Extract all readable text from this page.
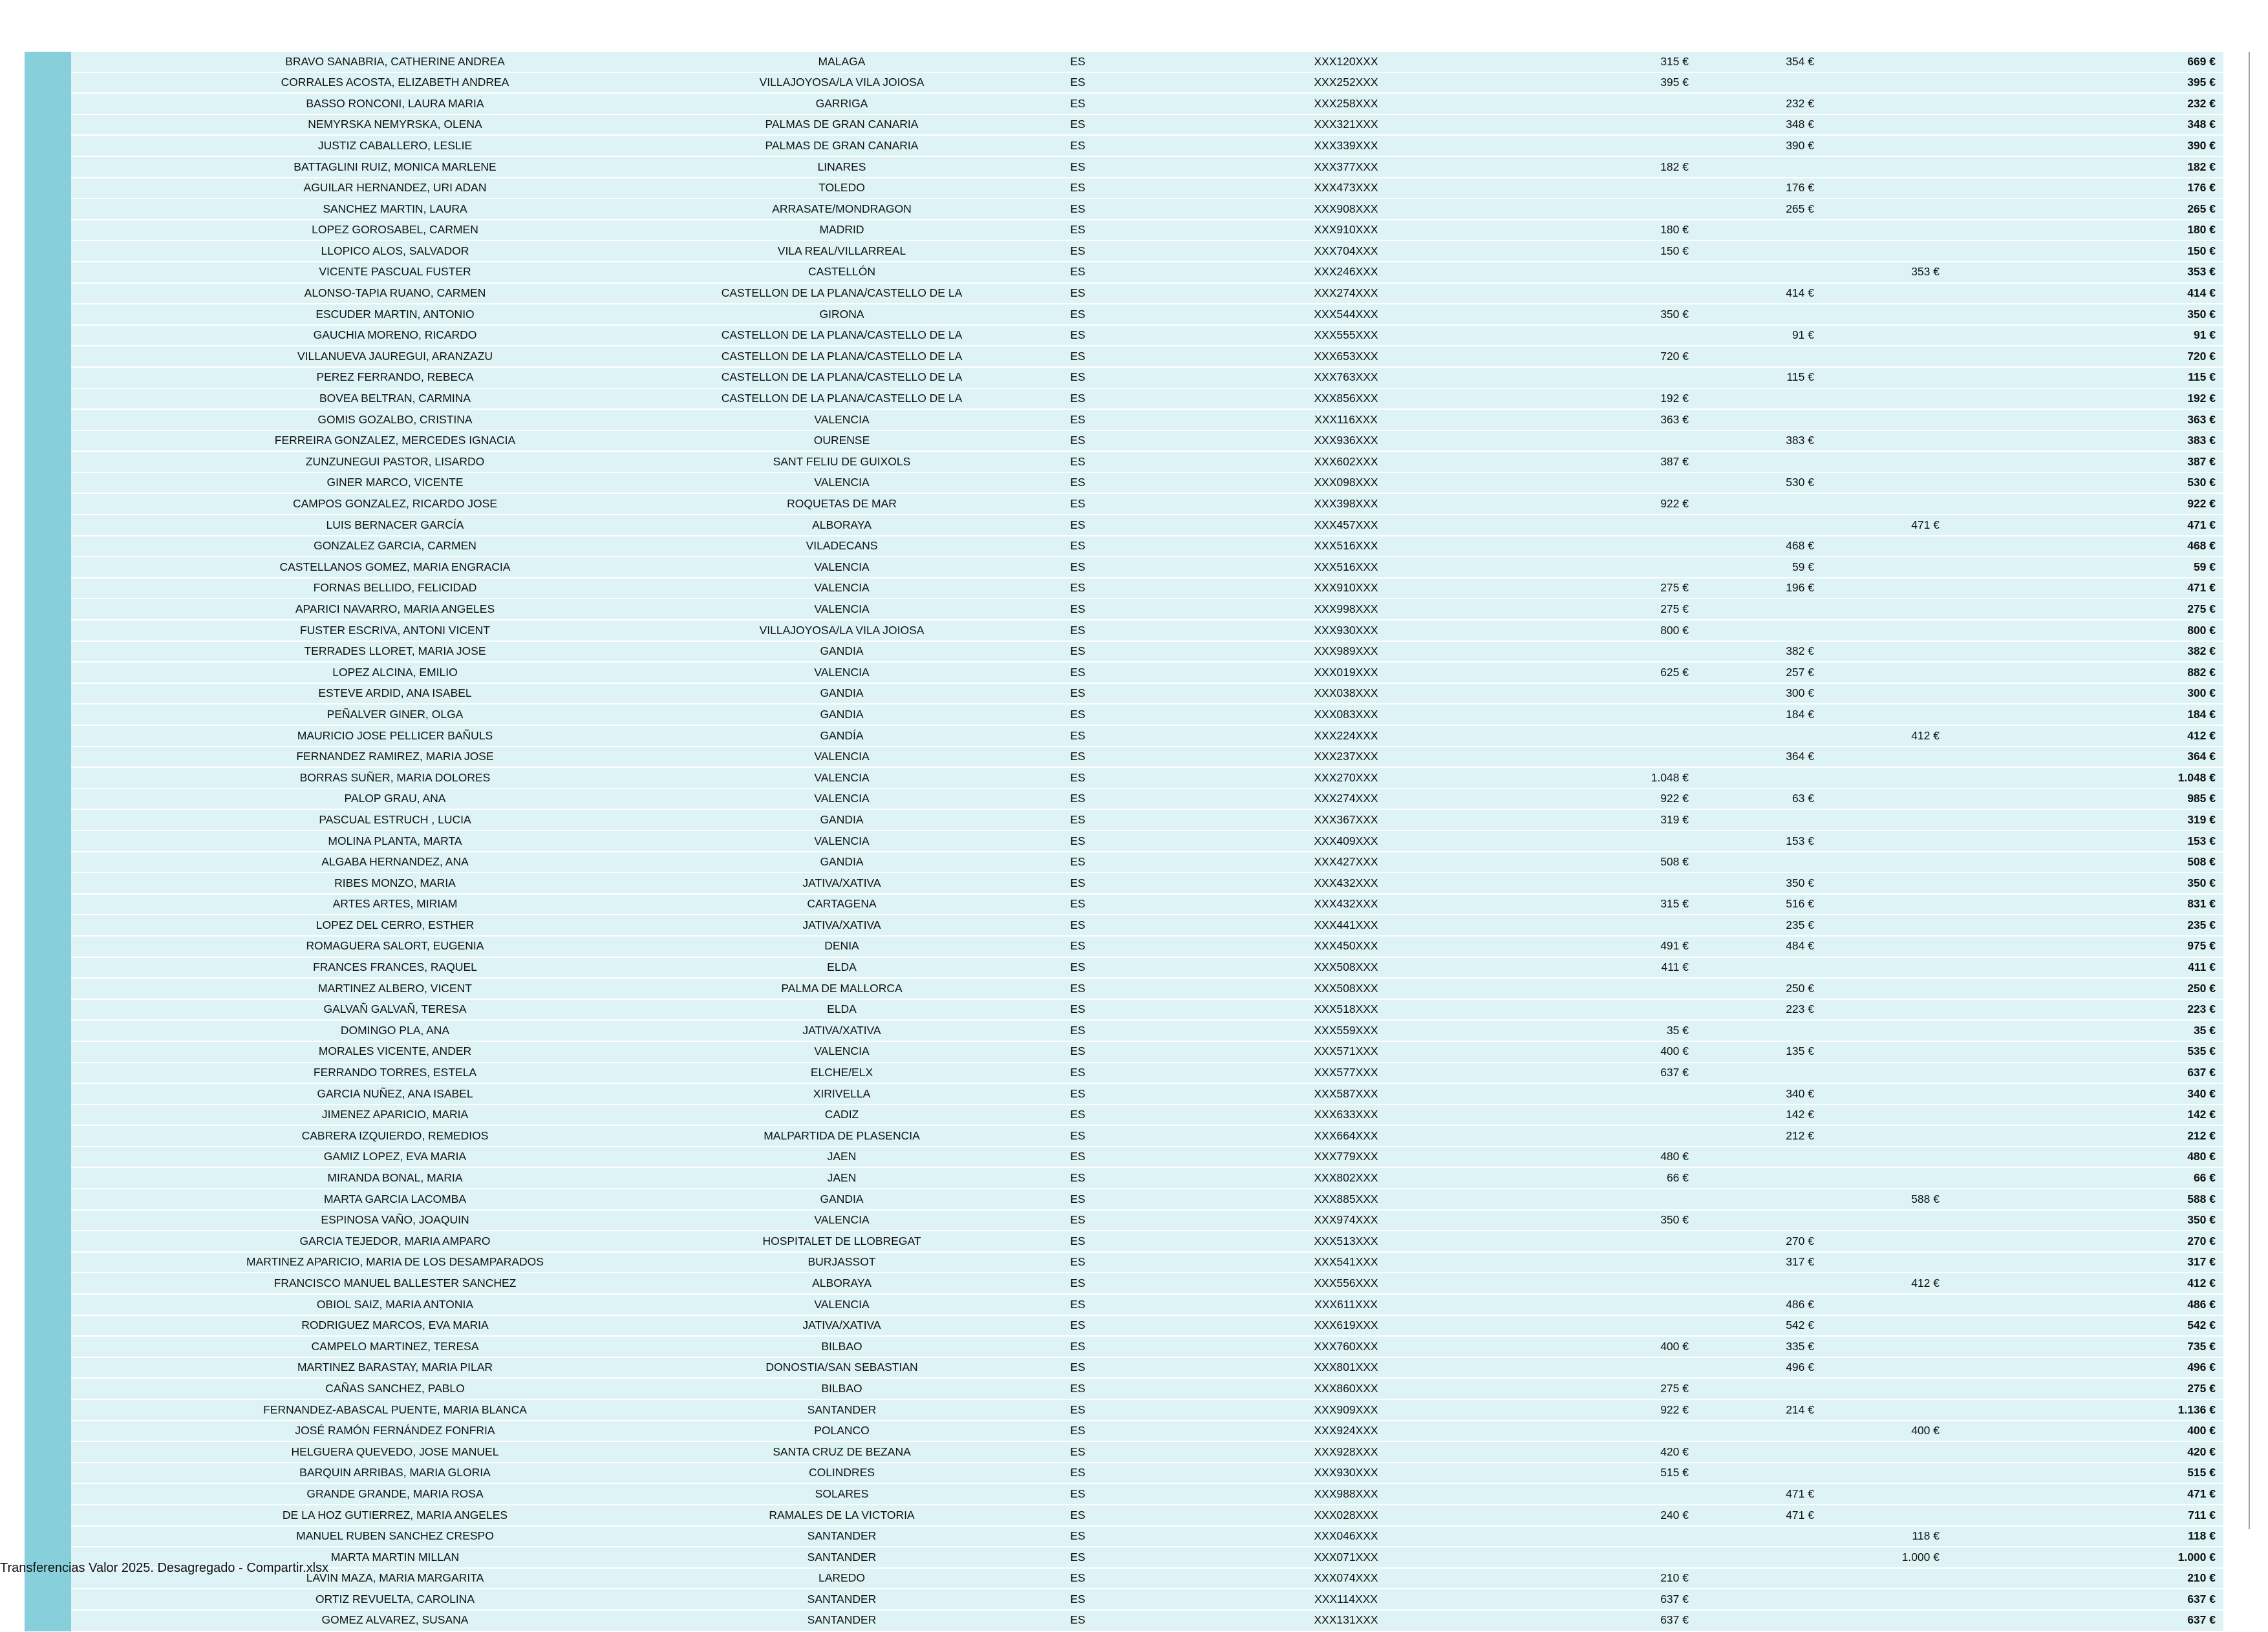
	BRAVO SANABRIA, CATHERINE ANDREA	MALAGA	ES	XXX120XXX	315 €	354 €		669 €
	CORRALES ACOSTA, ELIZABETH ANDREA	VILLAJOYOSA/LA VILA JOIOSA	ES	XXX252XXX	395 €			395 €
	BASSO RONCONI, LAURA MARIA	GARRIGA	ES	XXX258XXX		232 €		232 €
	NEMYRSKA NEMYRSKA, OLENA	PALMAS DE GRAN CANARIA	ES	XXX321XXX		348 €		348 €
	JUSTIZ CABALLERO, LESLIE	PALMAS DE GRAN CANARIA	ES	XXX339XXX		390 €		390 €
	BATTAGLINI RUIZ, MONICA MARLENE	LINARES	ES	XXX377XXX	182 €			182 €
	AGUILAR HERNANDEZ, URI ADAN	TOLEDO	ES	XXX473XXX		176 €		176 €
	SANCHEZ MARTIN, LAURA	ARRASATE/MONDRAGON	ES	XXX908XXX		265 €		265 €
	LOPEZ GOROSABEL, CARMEN	MADRID	ES	XXX910XXX	180 €			180 €
	LLOPICO ALOS, SALVADOR	VILA REAL/VILLARREAL	ES	XXX704XXX	150 €			150 €
	VICENTE PASCUAL FUSTER	CASTELLÓN	ES	XXX246XXX			353 €	353 €
	ALONSO-TAPIA RUANO, CARMEN	CASTELLON DE LA PLANA/CASTELLO DE LA	ES	XXX274XXX		414 €		414 €
	ESCUDER MARTIN, ANTONIO	GIRONA	ES	XXX544XXX	350 €			350 €
	GAUCHIA MORENO, RICARDO	CASTELLON DE LA PLANA/CASTELLO DE LA	ES	XXX555XXX		91 €		91 €
	VILLANUEVA JAUREGUI, ARANZAZU	CASTELLON DE LA PLANA/CASTELLO DE LA	ES	XXX653XXX	720 €			720 €
	PEREZ FERRANDO, REBECA	CASTELLON DE LA PLANA/CASTELLO DE LA	ES	XXX763XXX		115 €		115 €
	BOVEA BELTRAN, CARMINA	CASTELLON DE LA PLANA/CASTELLO DE LA	ES	XXX856XXX	192 €			192 €
	GOMIS GOZALBO, CRISTINA	VALENCIA	ES	XXX116XXX	363 €			363 €
	FERREIRA GONZALEZ, MERCEDES IGNACIA	OURENSE	ES	XXX936XXX		383 €		383 €
	ZUNZUNEGUI PASTOR, LISARDO	SANT FELIU DE GUIXOLS	ES	XXX602XXX	387 €			387 €
	GINER MARCO, VICENTE	VALENCIA	ES	XXX098XXX		530 €		530 €
	CAMPOS GONZALEZ, RICARDO JOSE	ROQUETAS DE MAR	ES	XXX398XXX	922 €			922 €
	LUIS BERNACER GARCÍA	ALBORAYA	ES	XXX457XXX			471 €	471 €
	GONZALEZ GARCIA, CARMEN	VILADECANS	ES	XXX516XXX		468 €		468 €
	CASTELLANOS GOMEZ, MARIA ENGRACIA	VALENCIA	ES	XXX516XXX		59 €		59 €
	FORNAS BELLIDO, FELICIDAD	VALENCIA	ES	XXX910XXX	275 €	196 €		471 €
	APARICI NAVARRO, MARIA ANGELES	VALENCIA	ES	XXX998XXX	275 €			275 €
	FUSTER ESCRIVA, ANTONI VICENT	VILLAJOYOSA/LA VILA JOIOSA	ES	XXX930XXX	800 €			800 €
	TERRADES LLORET, MARIA JOSE	GANDIA	ES	XXX989XXX		382 €		382 €
	LOPEZ ALCINA, EMILIO	VALENCIA	ES	XXX019XXX	625 €	257 €		882 €
	ESTEVE ARDID, ANA ISABEL	GANDIA	ES	XXX038XXX		300 €		300 €
	PEÑALVER GINER, OLGA	GANDIA	ES	XXX083XXX		184 €		184 €
	MAURICIO JOSE PELLICER BAÑULS	GANDÍA	ES	XXX224XXX			412 €	412 €
	FERNANDEZ RAMIREZ, MARIA JOSE	VALENCIA	ES	XXX237XXX		364 €		364 €
	BORRAS SUÑER, MARIA DOLORES	VALENCIA	ES	XXX270XXX	1.048 €			1.048 €
	PALOP GRAU, ANA	VALENCIA	ES	XXX274XXX	922 €	63 €		985 €
	PASCUAL ESTRUCH , LUCIA	GANDIA	ES	XXX367XXX	319 €			319 €
	MOLINA PLANTA, MARTA	VALENCIA	ES	XXX409XXX		153 €		153 €
	ALGABA HERNANDEZ, ANA	GANDIA	ES	XXX427XXX	508 €			508 €
	RIBES MONZO, MARIA	JATIVA/XATIVA	ES	XXX432XXX		350 €		350 €
	ARTES ARTES, MIRIAM	CARTAGENA	ES	XXX432XXX	315 €	516 €		831 €
	LOPEZ DEL CERRO, ESTHER	JATIVA/XATIVA	ES	XXX441XXX		235 €		235 €
	ROMAGUERA SALORT, EUGENIA	DENIA	ES	XXX450XXX	491 €	484 €		975 €
	FRANCES FRANCES, RAQUEL	ELDA	ES	XXX508XXX	411 €			411 €
	MARTINEZ ALBERO, VICENT	PALMA DE MALLORCA	ES	XXX508XXX		250 €		250 €
	GALVAÑ GALVAÑ, TERESA	ELDA	ES	XXX518XXX		223 €		223 €
	DOMINGO PLA, ANA	JATIVA/XATIVA	ES	XXX559XXX	35 €			35 €
	MORALES VICENTE, ANDER	VALENCIA	ES	XXX571XXX	400 €	135 €		535 €
	FERRANDO TORRES, ESTELA	ELCHE/ELX	ES	XXX577XXX	637 €			637 €
	GARCIA NUÑEZ, ANA ISABEL	XIRIVELLA	ES	XXX587XXX		340 €		340 €
	JIMENEZ APARICIO, MARIA	CADIZ	ES	XXX633XXX		142 €		142 €
	CABRERA IZQUIERDO, REMEDIOS	MALPARTIDA DE PLASENCIA	ES	XXX664XXX		212 €		212 €
	GAMIZ LOPEZ, EVA MARIA	JAEN	ES	XXX779XXX	480 €			480 €
	MIRANDA BONAL, MARIA	JAEN	ES	XXX802XXX	66 €			66 €
	MARTA GARCIA LACOMBA	GANDIA	ES	XXX885XXX			588 €	588 €
	ESPINOSA VAÑO, JOAQUIN	VALENCIA	ES	XXX974XXX	350 €			350 €
	GARCIA TEJEDOR, MARIA AMPARO	HOSPITALET DE LLOBREGAT	ES	XXX513XXX		270 €		270 €
	MARTINEZ APARICIO, MARIA DE LOS DESAMPARADOS	BURJASSOT	ES	XXX541XXX		317 €		317 €
	FRANCISCO MANUEL BALLESTER SANCHEZ	ALBORAYA	ES	XXX556XXX			412 €	412 €
	OBIOL SAIZ, MARIA ANTONIA	VALENCIA	ES	XXX611XXX		486 €		486 €
	RODRIGUEZ MARCOS, EVA MARIA	JATIVA/XATIVA	ES	XXX619XXX		542 €		542 €
	CAMPELO MARTINEZ, TERESA	BILBAO	ES	XXX760XXX	400 €	335 €		735 €
	MARTINEZ BARASTAY, MARIA PILAR	DONOSTIA/SAN SEBASTIAN	ES	XXX801XXX		496 €		496 €
	CAÑAS SANCHEZ, PABLO	BILBAO	ES	XXX860XXX	275 €			275 €
	FERNANDEZ-ABASCAL PUENTE, MARIA BLANCA	SANTANDER	ES	XXX909XXX	922 €	214 €		1.136 €
	JOSÉ RAMÓN FERNÁNDEZ FONFRIA	POLANCO	ES	XXX924XXX			400 €	400 €
	HELGUERA QUEVEDO, JOSE MANUEL	SANTA CRUZ DE BEZANA	ES	XXX928XXX	420 €			420 €
	BARQUIN ARRIBAS, MARIA GLORIA	COLINDRES	ES	XXX930XXX	515 €			515 €
	GRANDE GRANDE, MARIA ROSA	SOLARES	ES	XXX988XXX		471 €		471 €
	DE LA HOZ GUTIERREZ, MARIA ANGELES	RAMALES DE LA VICTORIA	ES	XXX028XXX	240 €	471 €		711 €
	MANUEL RUBEN SANCHEZ CRESPO	SANTANDER	ES	XXX046XXX			118 €	118 €
	MARTA MARTIN MILLAN	SANTANDER	ES	XXX071XXX			1.000 €	1.000 €
	LAVIN MAZA, MARIA MARGARITA	LAREDO	ES	XXX074XXX	210 €			210 €
	ORTIZ REVUELTA, CAROLINA	SANTANDER	ES	XXX114XXX	637 €			637 €
	GOMEZ ALVAREZ, SUSANA	SANTANDER	ES	XXX131XXX	637 €			637 €
Transferencias Valor 2025. Desagregado - Compartir.xlsx
